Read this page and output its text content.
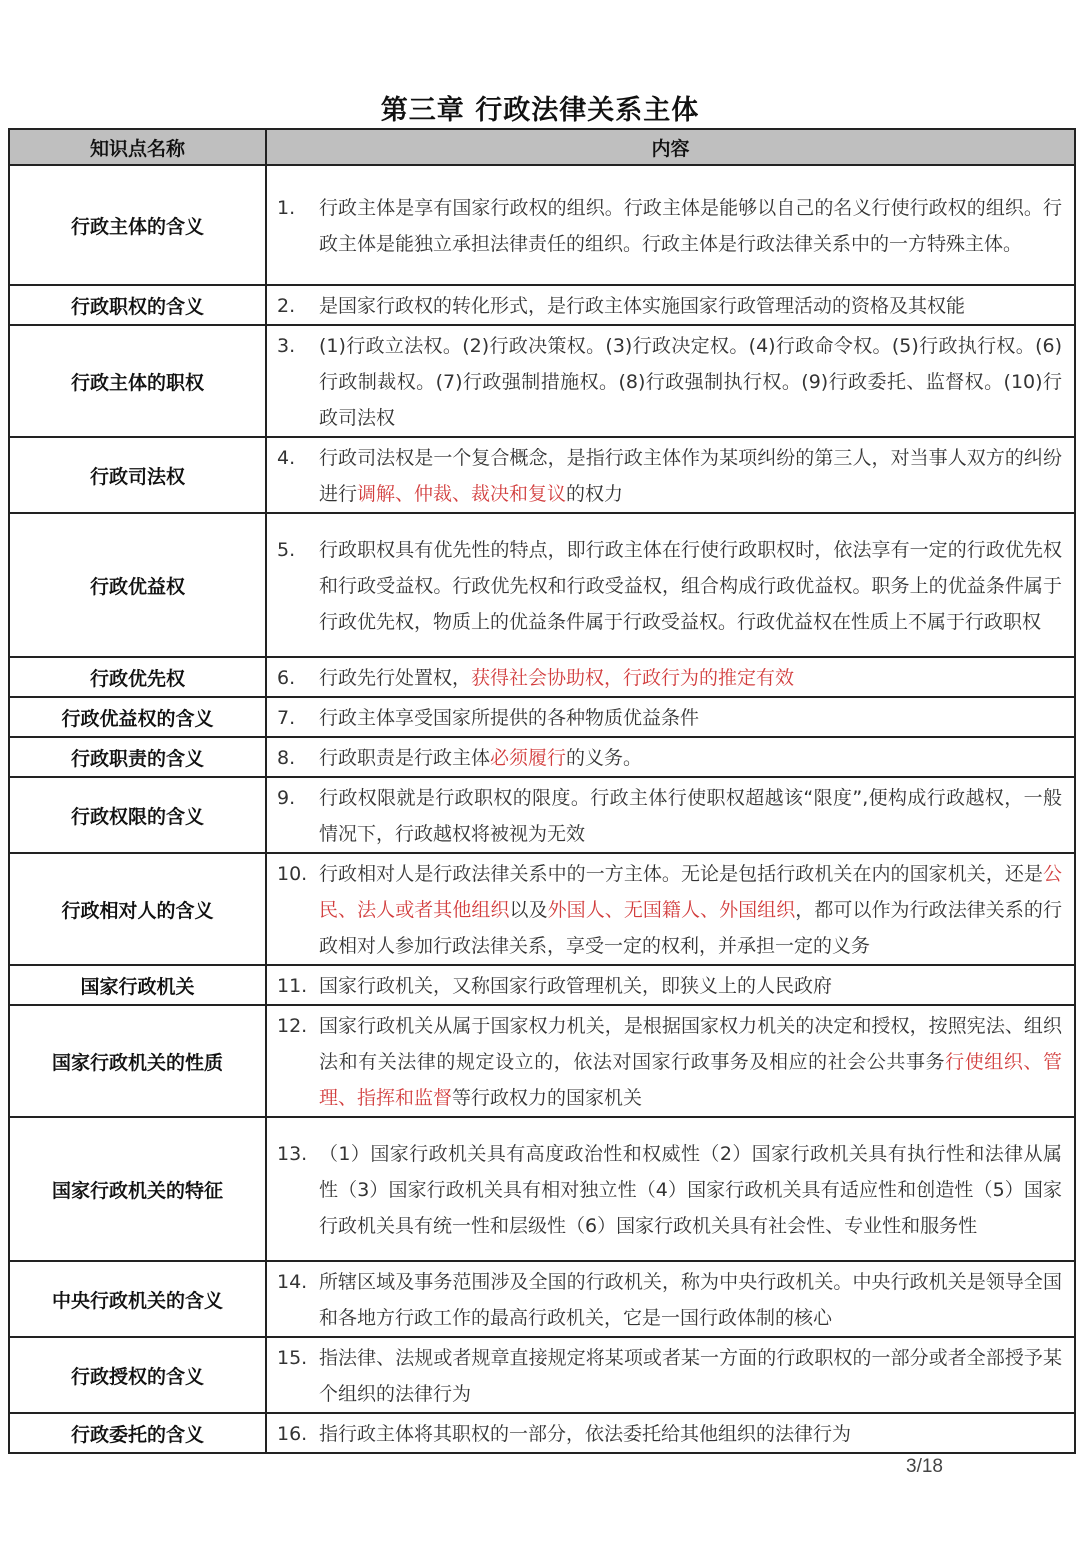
第三章 行政法律关系主体
知识点名称	内容
行政主体的含义	1. 行政主体是享有国家行政权的组织。行政主体是能够以自己的名义行使行政权的组织。行政主体是能独立承担法律责任的组织。行政主体是行政法律关系中的一方特殊主体。

行政职权的含义	2. 是国家行政权的转化形式，是行政主体实施国家行政管理活动的资格及其权能

行政主体的职权	3. (1)行政立法权。(2)行政决策权。(3)行政决定权。(4)行政命令权。(5)行政执行权。(6)行政制裁权。(7)行政强制措施权。(8)行政强制执行权。(9)行政委托、监督权。(10)行政司法权

行政司法权	4. 行政司法权是一个复合概念，是指行政主体作为某项纠纷的第三人，对当事人双方的纠纷进行调解、仲裁、裁决和复议的权力

行政优益权	5. 行政职权具有优先性的特点，即行政主体在行使行政职权时，依法享有一定的行政优先权和行政受益权。行政优先权和行政受益权，组合构成行政优益权。职务上的优益条件属于行政优先权，物质上的优益条件属于行政受益权。行政优益权在性质上不属于行政职权

行政优先权	6. 行政先行处置权，获得社会协助权，行政行为的推定有效

行政优益权的含义	7. 行政主体享受国家所提供的各种物质优益条件

行政职责的含义	8. 行政职责是行政主体必须履行的义务。

行政权限的含义	9. 行政权限就是行政职权的限度。行政主体行使职权超越该“限度”,便构成行政越权，一般情况下，行政越权将被视为无效

行政相对人的含义	10. 行政相对人是行政法律关系中的一方主体。无论是包括行政机关在内的国家机关，还是公民、法人或者其他组织以及外国人、无国籍人、外国组织，都可以作为行政法律关系的行政相对人参加行政法律关系，享受一定的权利，并承担一定的义务

国家行政机关	11. 国家行政机关，又称国家行政管理机关，即狭义上的人民政府

国家行政机关的性质	12. 国家行政机关从属于国家权力机关，是根据国家权力机关的决定和授权，按照宪法、组织法和有关法律的规定设立的，依法对国家行政事务及相应的社会公共事务行使组织、管理、指挥和监督等行政权力的国家机关

国家行政机关的特征	13. （1）国家行政机关具有高度政治性和权威性（2）国家行政机关具有执行性和法律从属性（3）国家行政机关具有相对独立性（4）国家行政机关具有适应性和创造性（5）国家行政机关具有统一性和层级性（6）国家行政机关具有社会性、专业性和服务性

中央行政机关的含义	14. 所辖区域及事务范围涉及全国的行政机关，称为中央行政机关。中央行政机关是领导全国和各地方行政工作的最高行政机关，它是一国行政体制的核心

行政授权的含义	15. 指法律、法规或者规章直接规定将某项或者某一方面的行政职权的一部分或者全部授予某个组织的法律行为

行政委托的含义	16. 指行政主体将其职权的一部分，依法委托给其他组织的法律行为
3/18
